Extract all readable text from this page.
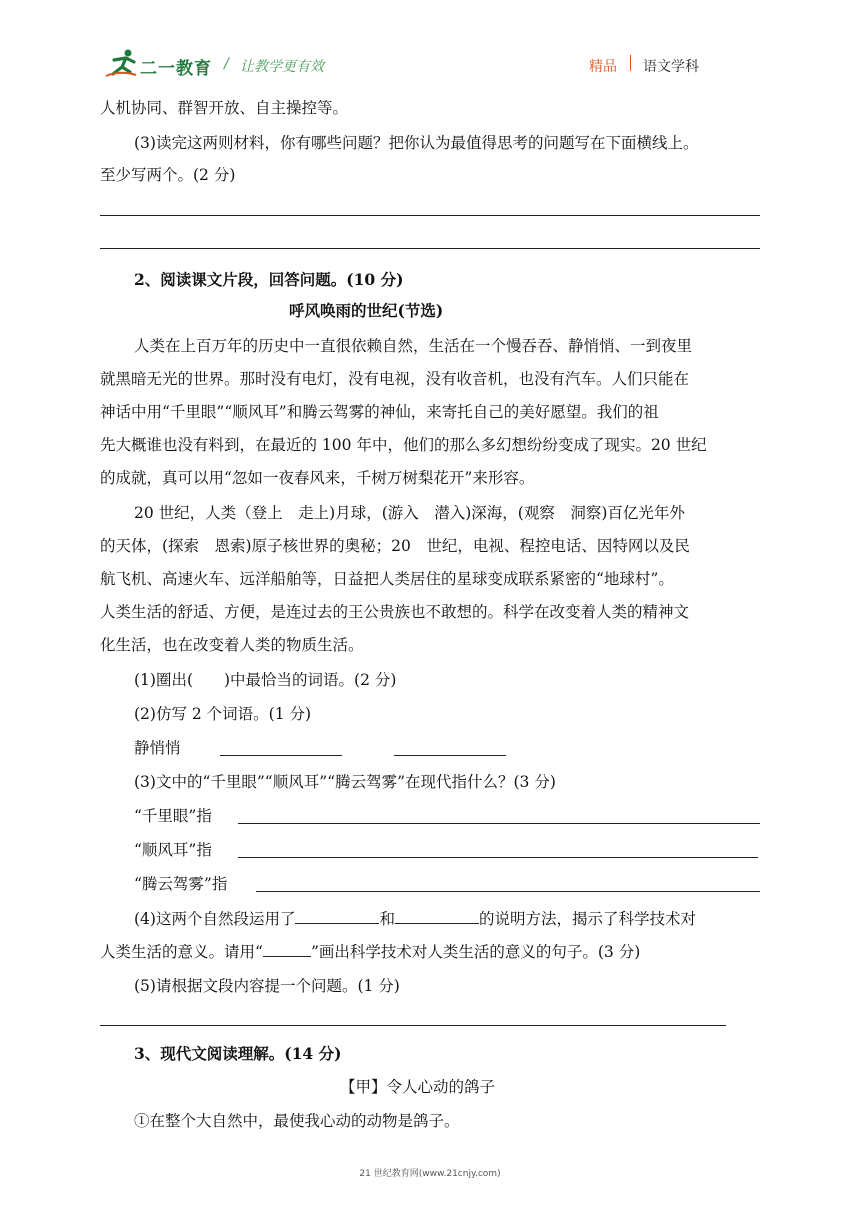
二一教育 / 让教学更有效	精品 语文学科
人机协同、群智开放、自主操控等。
(3)读完这两则材料，你有哪些问题？把你认为最值得思考的问题写在下面横线上。
至少写两个。(2 分)
2、阅读课文片段，回答问题。(10 分)
呼风唤雨的世纪(节选)
人类在上百万年的历史中一直很依赖自然，生活在一个慢吞吞、静悄悄、一到夜里
就黑暗无光的世界。那时没有电灯，没有电视，没有收音机，也没有汽车。人们只能在
神话中用“千里眼”“顺风耳”和腾云驾雾的神仙，来寄托自己的美好愿望。我们的祖
先大概谁也没有料到，在最近的 100 年中，他们的那么多幻想纷纷变成了现实。20 世纪
的成就，真可以用“忽如一夜春风来，千树万树梨花开”来形容。
20 世纪，人类（登上　走上)月球，(游入　潜入)深海，(观察　洞察)百亿光年外
的天体，(探索　恩索)原子核世界的奥秘；20　世纪，电视、程控电话、因特网以及民
航飞机、高速火车、远洋船舶等，日益把人类居住的星球变成联系紧密的“地球村”。
人类生活的舒适、方便，是连过去的王公贵族也不敢想的。科学在改变着人类的精神文
化生活，也在改变着人类的物质生活。
(1)圈出(　　)中最恰当的词语。(2 分)
(2)仿写 2 个词语。(1 分)
静悄悄
(3)文中的“千里眼”“顺风耳”“腾云驾雾”在现代指什么？(3 分)
“千里眼”指
“顺风耳”指
“腾云驾雾”指
(4)这两个自然段运用了	和	的说明方法，揭示了科学技术对
人类生活的意义。请用“	”画出科学技术对人类生活的意义的句子。(3 分)
(5)请根据文段内容提一个问题。(1 分)
3、现代文阅读理解。(14 分)
【甲】令人心动的鸽子
①在整个大自然中，最使我心动的动物是鸽子。
21 世纪教育网(www.21cnjy.com)
